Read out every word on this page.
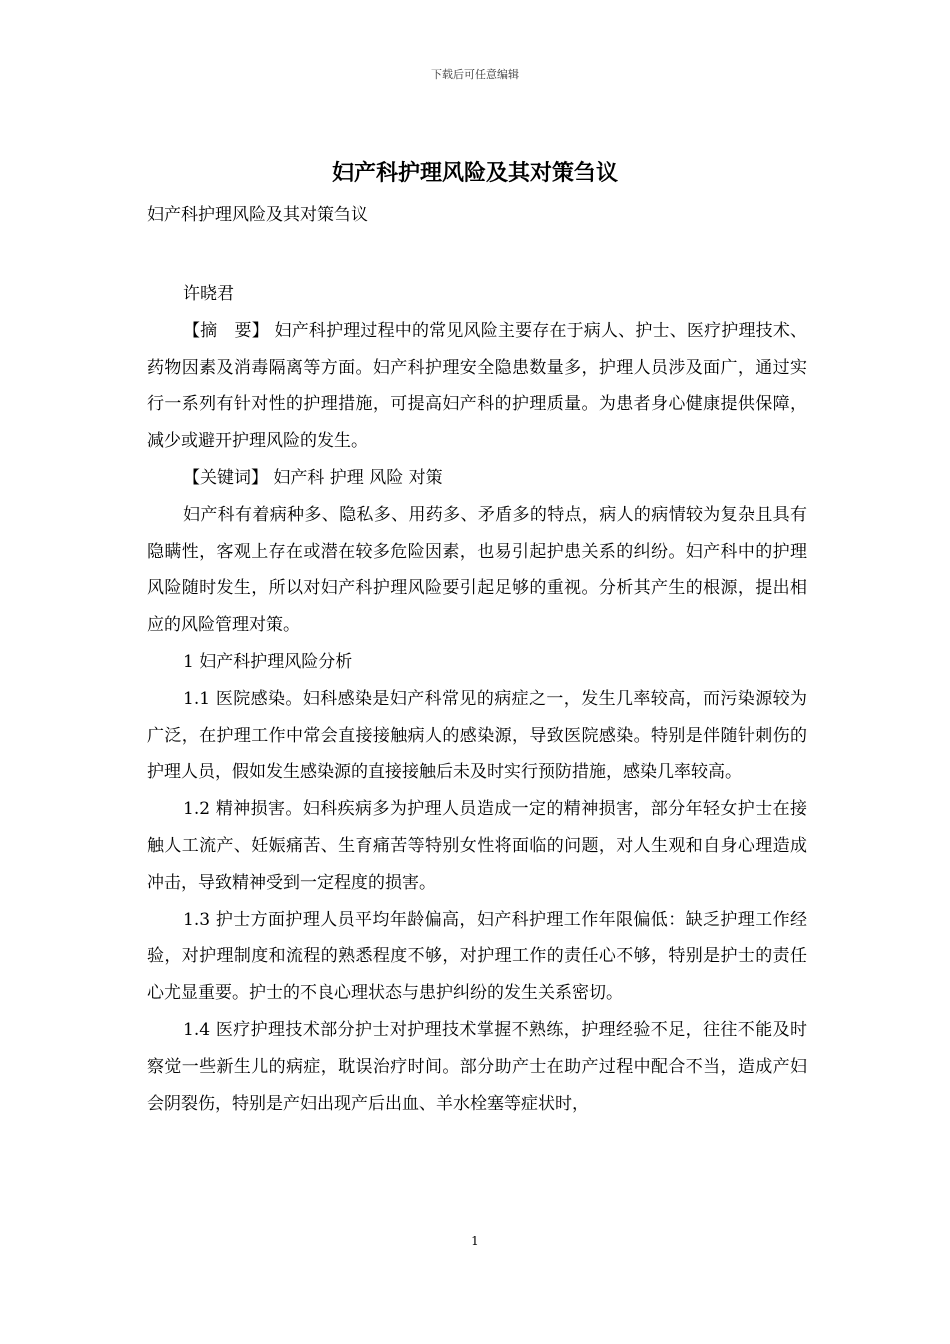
下载后可任意编辑
妇产科护理风险及其对策刍议

妇产科护理风险及其对策刍议

许晓君

【摘　要】 妇产科护理过程中的常见风险主要存在于病人、护士、医疗护理技术、药物因素及消毒隔离等方面。妇产科护理安全隐患数量多，护理人员涉及面广，通过实行一系列有针对性的护理措施，可提高妇产科的护理质量。为患者身心健康提供保障，减少或避开护理风险的发生。

【关键词】 妇产科 护理 风险 对策

妇产科有着病种多、隐私多、用药多、矛盾多的特点，病人的病情较为复杂且具有隐瞒性，客观上存在或潜在较多危险因素，也易引起护患关系的纠纷。妇产科中的护理风险随时发生，所以对妇产科护理风险要引起足够的重视。分析其产生的根源，提出相应的风险管理对策。

1 妇产科护理风险分析

1.1 医院感染。妇科感染是妇产科常见的病症之一，发生几率较高，而污染源较为广泛，在护理工作中常会直接接触病人的感染源，导致医院感染。特别是伴随针刺伤的护理人员，假如发生感染源的直接接触后未及时实行预防措施，感染几率较高。

1.2 精神损害。妇科疾病多为护理人员造成一定的精神损害，部分年轻女护士在接触人工流产、妊娠痛苦、生育痛苦等特别女性将面临的问题，对人生观和自身心理造成冲击，导致精神受到一定程度的损害。

1.3 护士方面护理人员平均年龄偏高，妇产科护理工作年限偏低：缺乏护理工作经验，对护理制度和流程的熟悉程度不够，对护理工作的责任心不够，特别是护士的责任心尤显重要。护士的不良心理状态与患护纠纷的发生关系密切。

1.4 医疗护理技术部分护士对护理技术掌握不熟练，护理经验不足，往往不能及时察觉一些新生儿的病症，耽误治疗时间。部分助产士在助产过程中配合不当，造成产妇会阴裂伤，特别是产妇出现产后出血、羊水栓塞等症状时，

1
